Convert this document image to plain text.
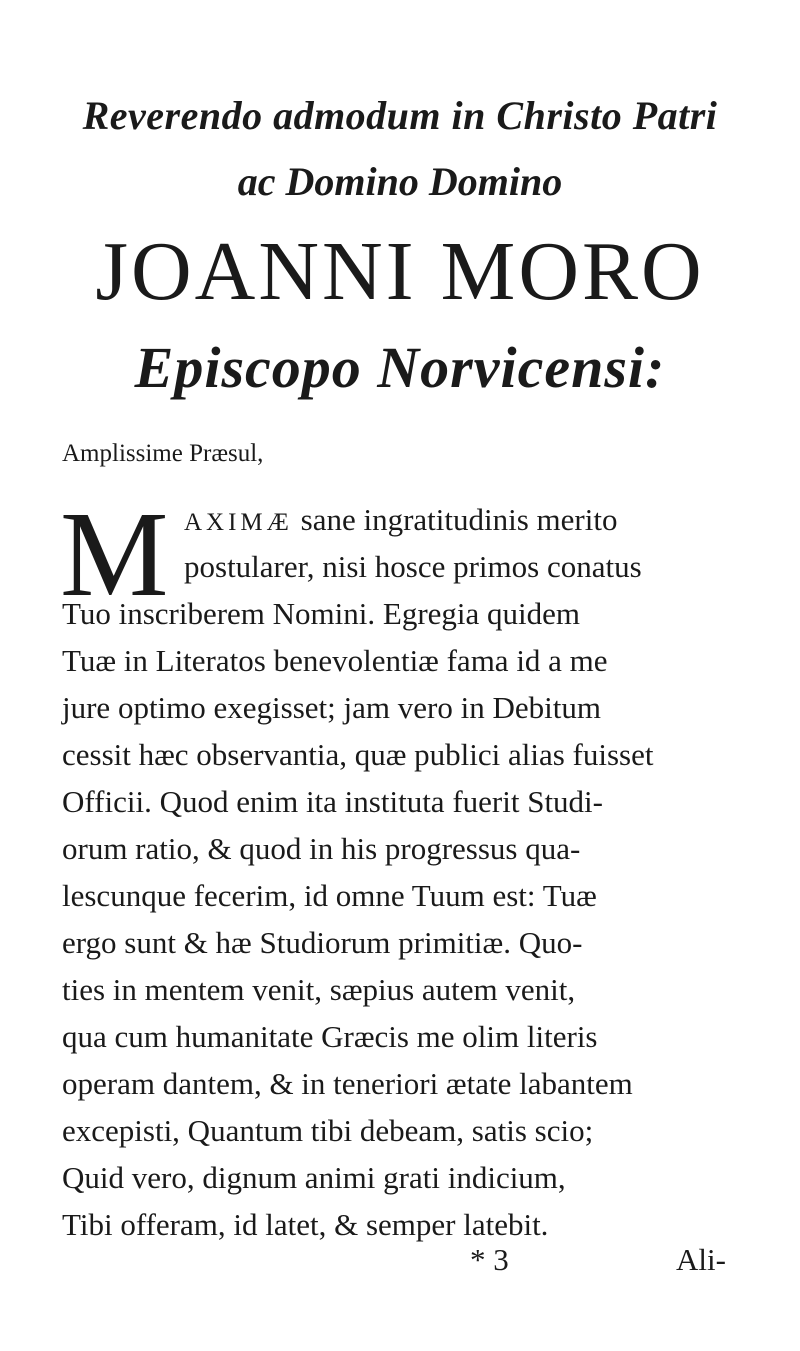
Reverendo admodum in Christo Patri
ac Domino Domino
JOANNI MORO
Episcopo Norvicensi:
Amplissime Præsul,
M AXIMÆ sane ingratitudinis merito
postularer, nisi hosce primos conatus
Tuo inscriberem Nomini. Egregia quidem
Tuæ in Literatos benevolentiæ fama id a me
jure optimo exegisset; jam vero in Debitum
cessit hæc observantia, quæ publici alias fuisset
Officii. Quod enim ita instituta fuerit Studi-
orum ratio, & quod in his progressus qua-
lescunque fecerim, id omne Tuum est: Tuæ
ergo sunt & hæ Studiorum primitiæ. Quo-
ties in mentem venit, sæpius autem venit,
qua cum humanitate Græcis me olim literis
operam dantem, & in teneriori ætate labantem
excepisti, Quantum tibi debeam, satis scio;
Quid vero, dignum animi grati indicium,
Tibi offeram, id latet, & semper latebit.
* 3	Ali-
